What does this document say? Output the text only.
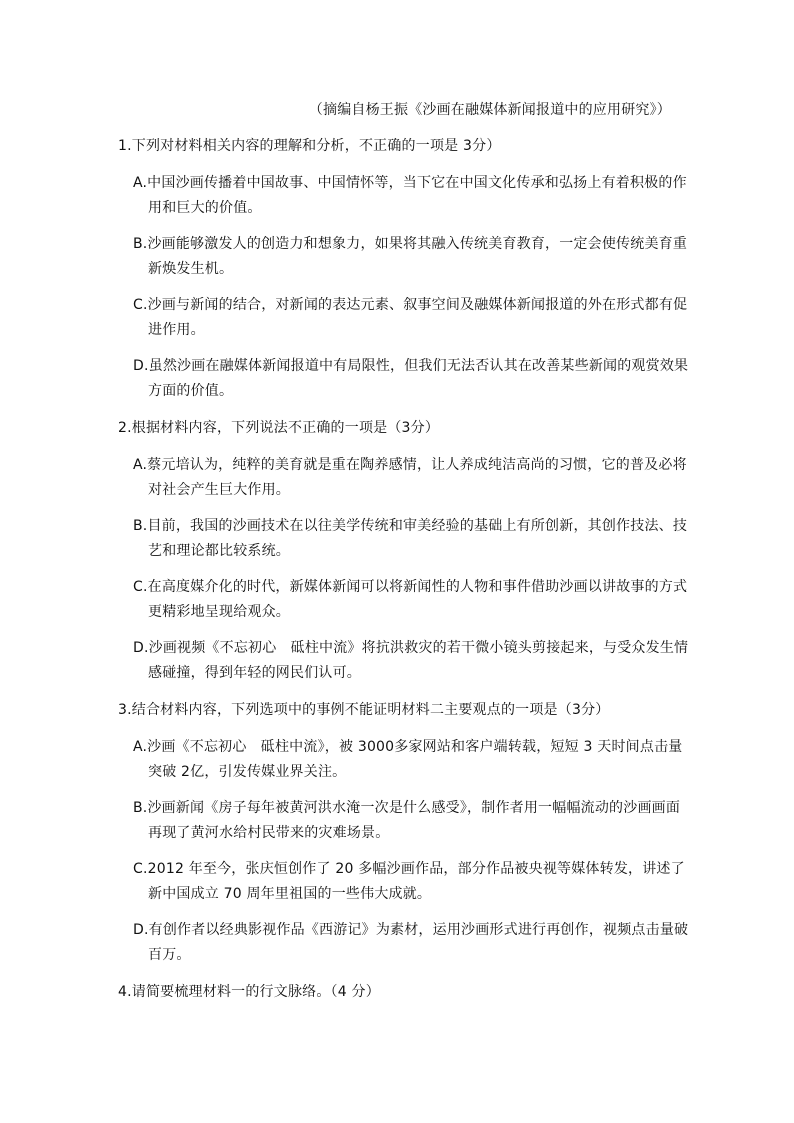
（摘编自杨王振《沙画在融媒体新闻报道中的应用研究》）
1.下列对材料相关内容的理解和分析，不正确的一项是 3分）
A.中国沙画传播着中国故事、中国情怀等，当下它在中国文化传承和弘扬上有着积极的作用和巨大的价值。
B.沙画能够激发人的创造力和想象力，如果将其融入传统美育教育，一定会使传统美育重新焕发生机。
C.沙画与新闻的结合，对新闻的表达元素、叙事空间及融媒体新闻报道的外在形式都有促进作用。
D.虽然沙画在融媒体新闻报道中有局限性，但我们无法否认其在改善某些新闻的观赏效果方面的价值。
2.根据材料内容，下列说法不正确的一项是（3分）
A.蔡元培认为，纯粹的美育就是重在陶养感情，让人养成纯洁高尚的习惯，它的普及必将对社会产生巨大作用。
B.目前，我国的沙画技术在以往美学传统和审美经验的基础上有所创新，其创作技法、技艺和理论都比较系统。
C.在高度媒介化的时代，新媒体新闻可以将新闻性的人物和事件借助沙画以讲故事的方式更精彩地呈现给观众。
D.沙画视频《不忘初心　砥柱中流》将抗洪救灾的若干微小镜头剪接起来，与受众发生情感碰撞，得到年轻的网民们认可。
3.结合材料内容，下列选项中的事例不能证明材料二主要观点的一项是（3分）
A.沙画《不忘初心　砥柱中流》，被 3000多家网站和客户端转载，短短 3 天时间点击量突破 2亿，引发传媒业界关注。
B.沙画新闻《房子每年被黄河洪水淹一次是什么感受》，制作者用一幅幅流动的沙画画面再现了黄河水给村民带来的灾难场景。
C.2012 年至今，张庆恒创作了 20 多幅沙画作品，部分作品被央视等媒体转发，讲述了新中国成立 70 周年里祖国的一些伟大成就。
D.有创作者以经典影视作品《西游记》为素材，运用沙画形式进行再创作，视频点击量破百万。
4.请简要梳理材料一的行文脉络。（4 分）
